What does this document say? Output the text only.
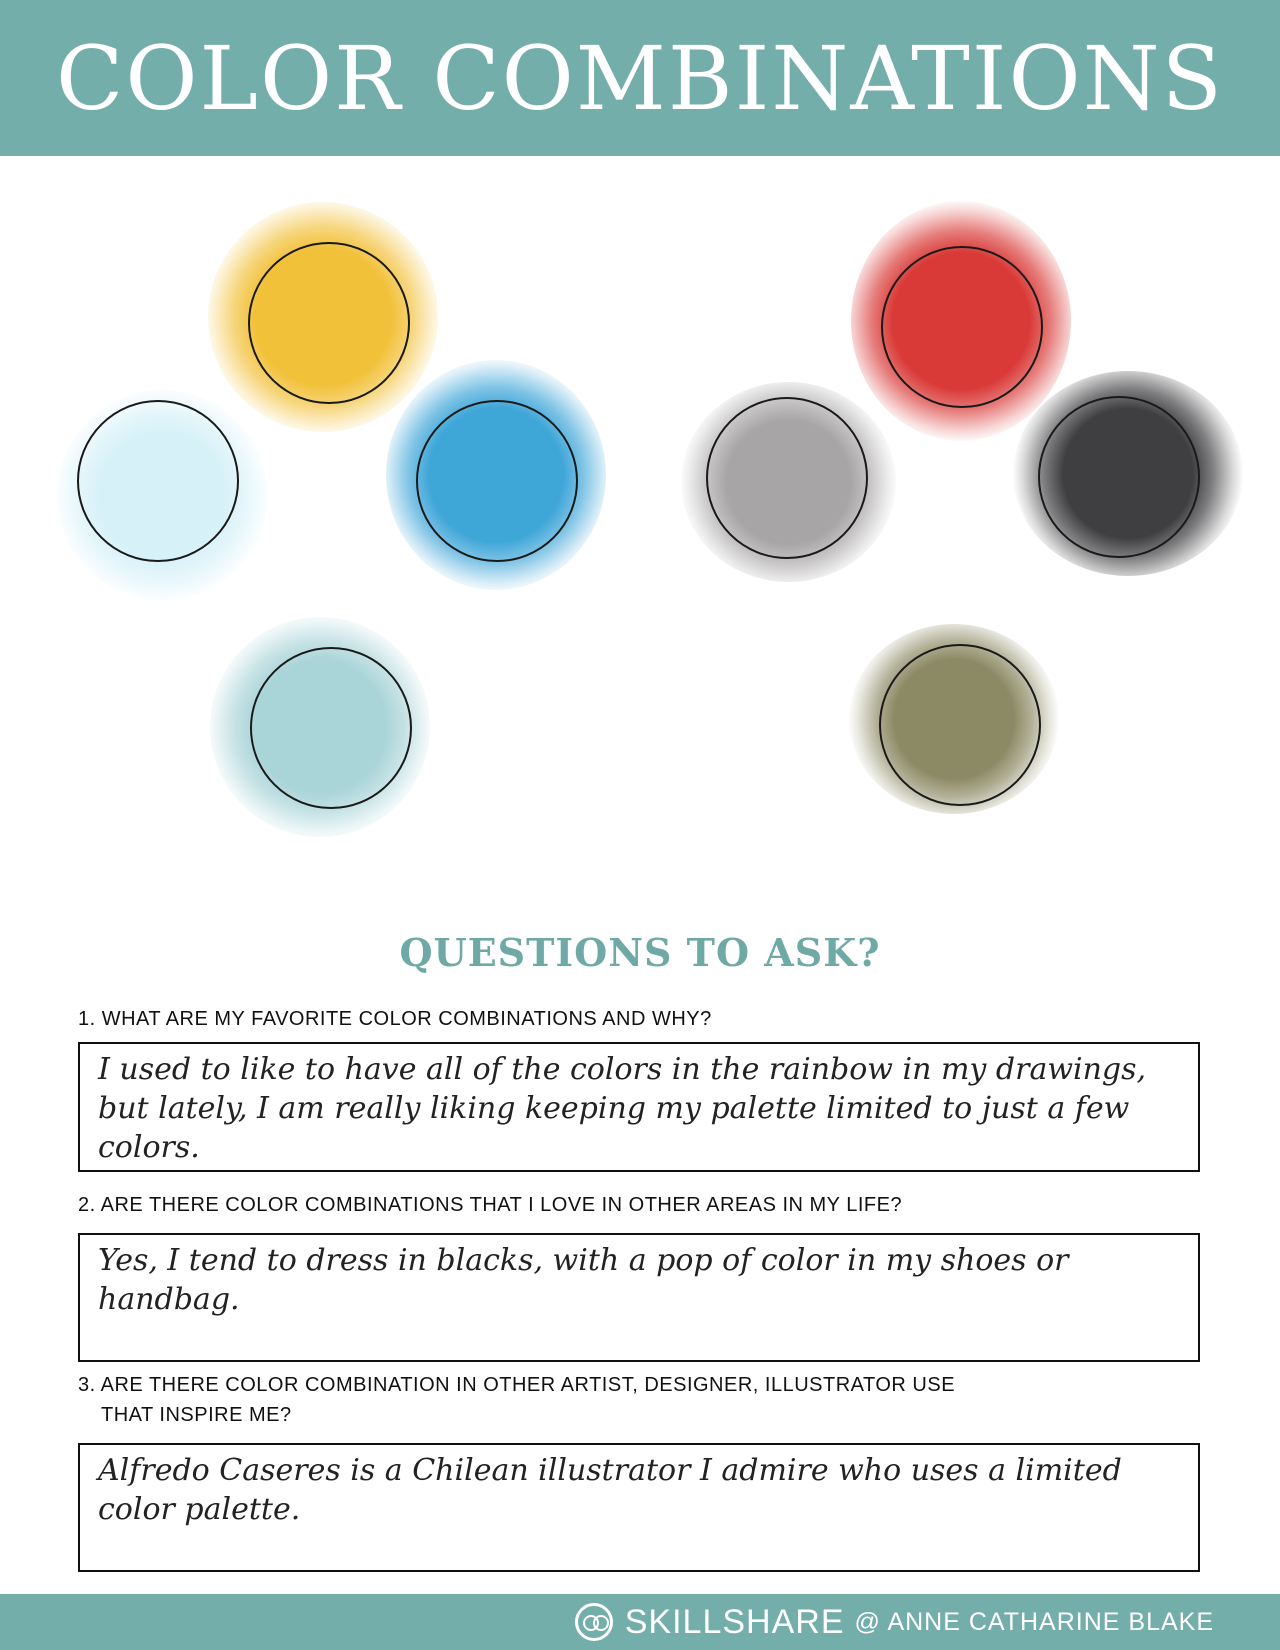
COLOR COMBINATIONS
QUESTIONS TO ASK?
1. WHAT ARE MY FAVORITE COLOR COMBINATIONS AND WHY?
I used to like to have all of the colors in the rainbow in my drawings, but lately, I am really liking keeping my palette limited to just a few colors.
2. ARE THERE COLOR COMBINATIONS THAT I LOVE IN OTHER AREAS IN MY LIFE?
Yes, I tend to dress in blacks, with a pop of color in my shoes or handbag.
3. ARE THERE COLOR COMBINATION IN OTHER ARTIST, DESIGNER, ILLUSTRATOR USE
THAT INSPIRE ME?
Alfredo Caseres is a Chilean illustrator I admire who uses a limited color palette.
SKILLSHARE @ ANNE CATHARINE BLAKE
